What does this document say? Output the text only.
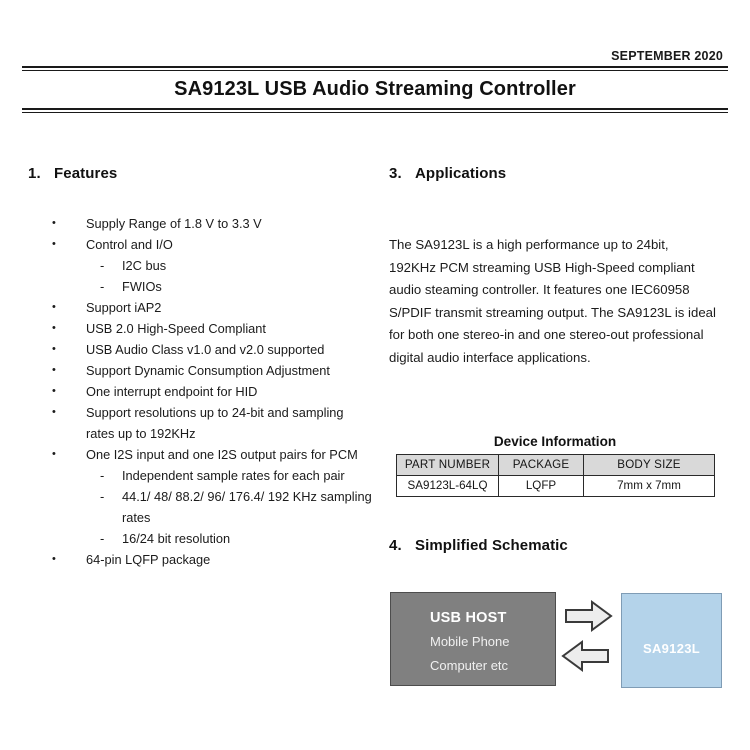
SEPTEMBER 2020
SA9123L USB Audio Streaming Controller
1. Features
•	Supply Range of 1.8 V to 3.3 V
•	Control and I/O
-	I2C bus
-	FWIOs
•	Support iAP2
•	USB 2.0 High-Speed Compliant
•	USB Audio Class v1.0 and v2.0 supported
•	Support Dynamic Consumption Adjustment
•	One interrupt endpoint for HID
•	Support resolutions up to 24-bit and sampling rates up to 192KHz
•	One I2S input and one I2S output pairs for PCM
-	Independent sample rates for each pair
-	44.1/ 48/ 88.2/ 96/ 176.4/ 192 KHz sampling rates
-	16/24 bit resolution
•	64-pin LQFP package
3. Applications
The SA9123L is a high performance up to 24bit, 192KHz PCM streaming USB High-Speed compliant audio steaming controller. It features one IEC60958 S/PDIF transmit streaming output. The SA9123L is ideal for both one stereo-in and one stereo-out professional digital audio interface applications.
Device Information
PART NUMBER	PACKAGE	BODY SIZE
SA9123L-64LQ	LQFP	7mm x 7mm
4. Simplified Schematic
USB HOST
Mobile Phone
Computer etc
SA9123L
